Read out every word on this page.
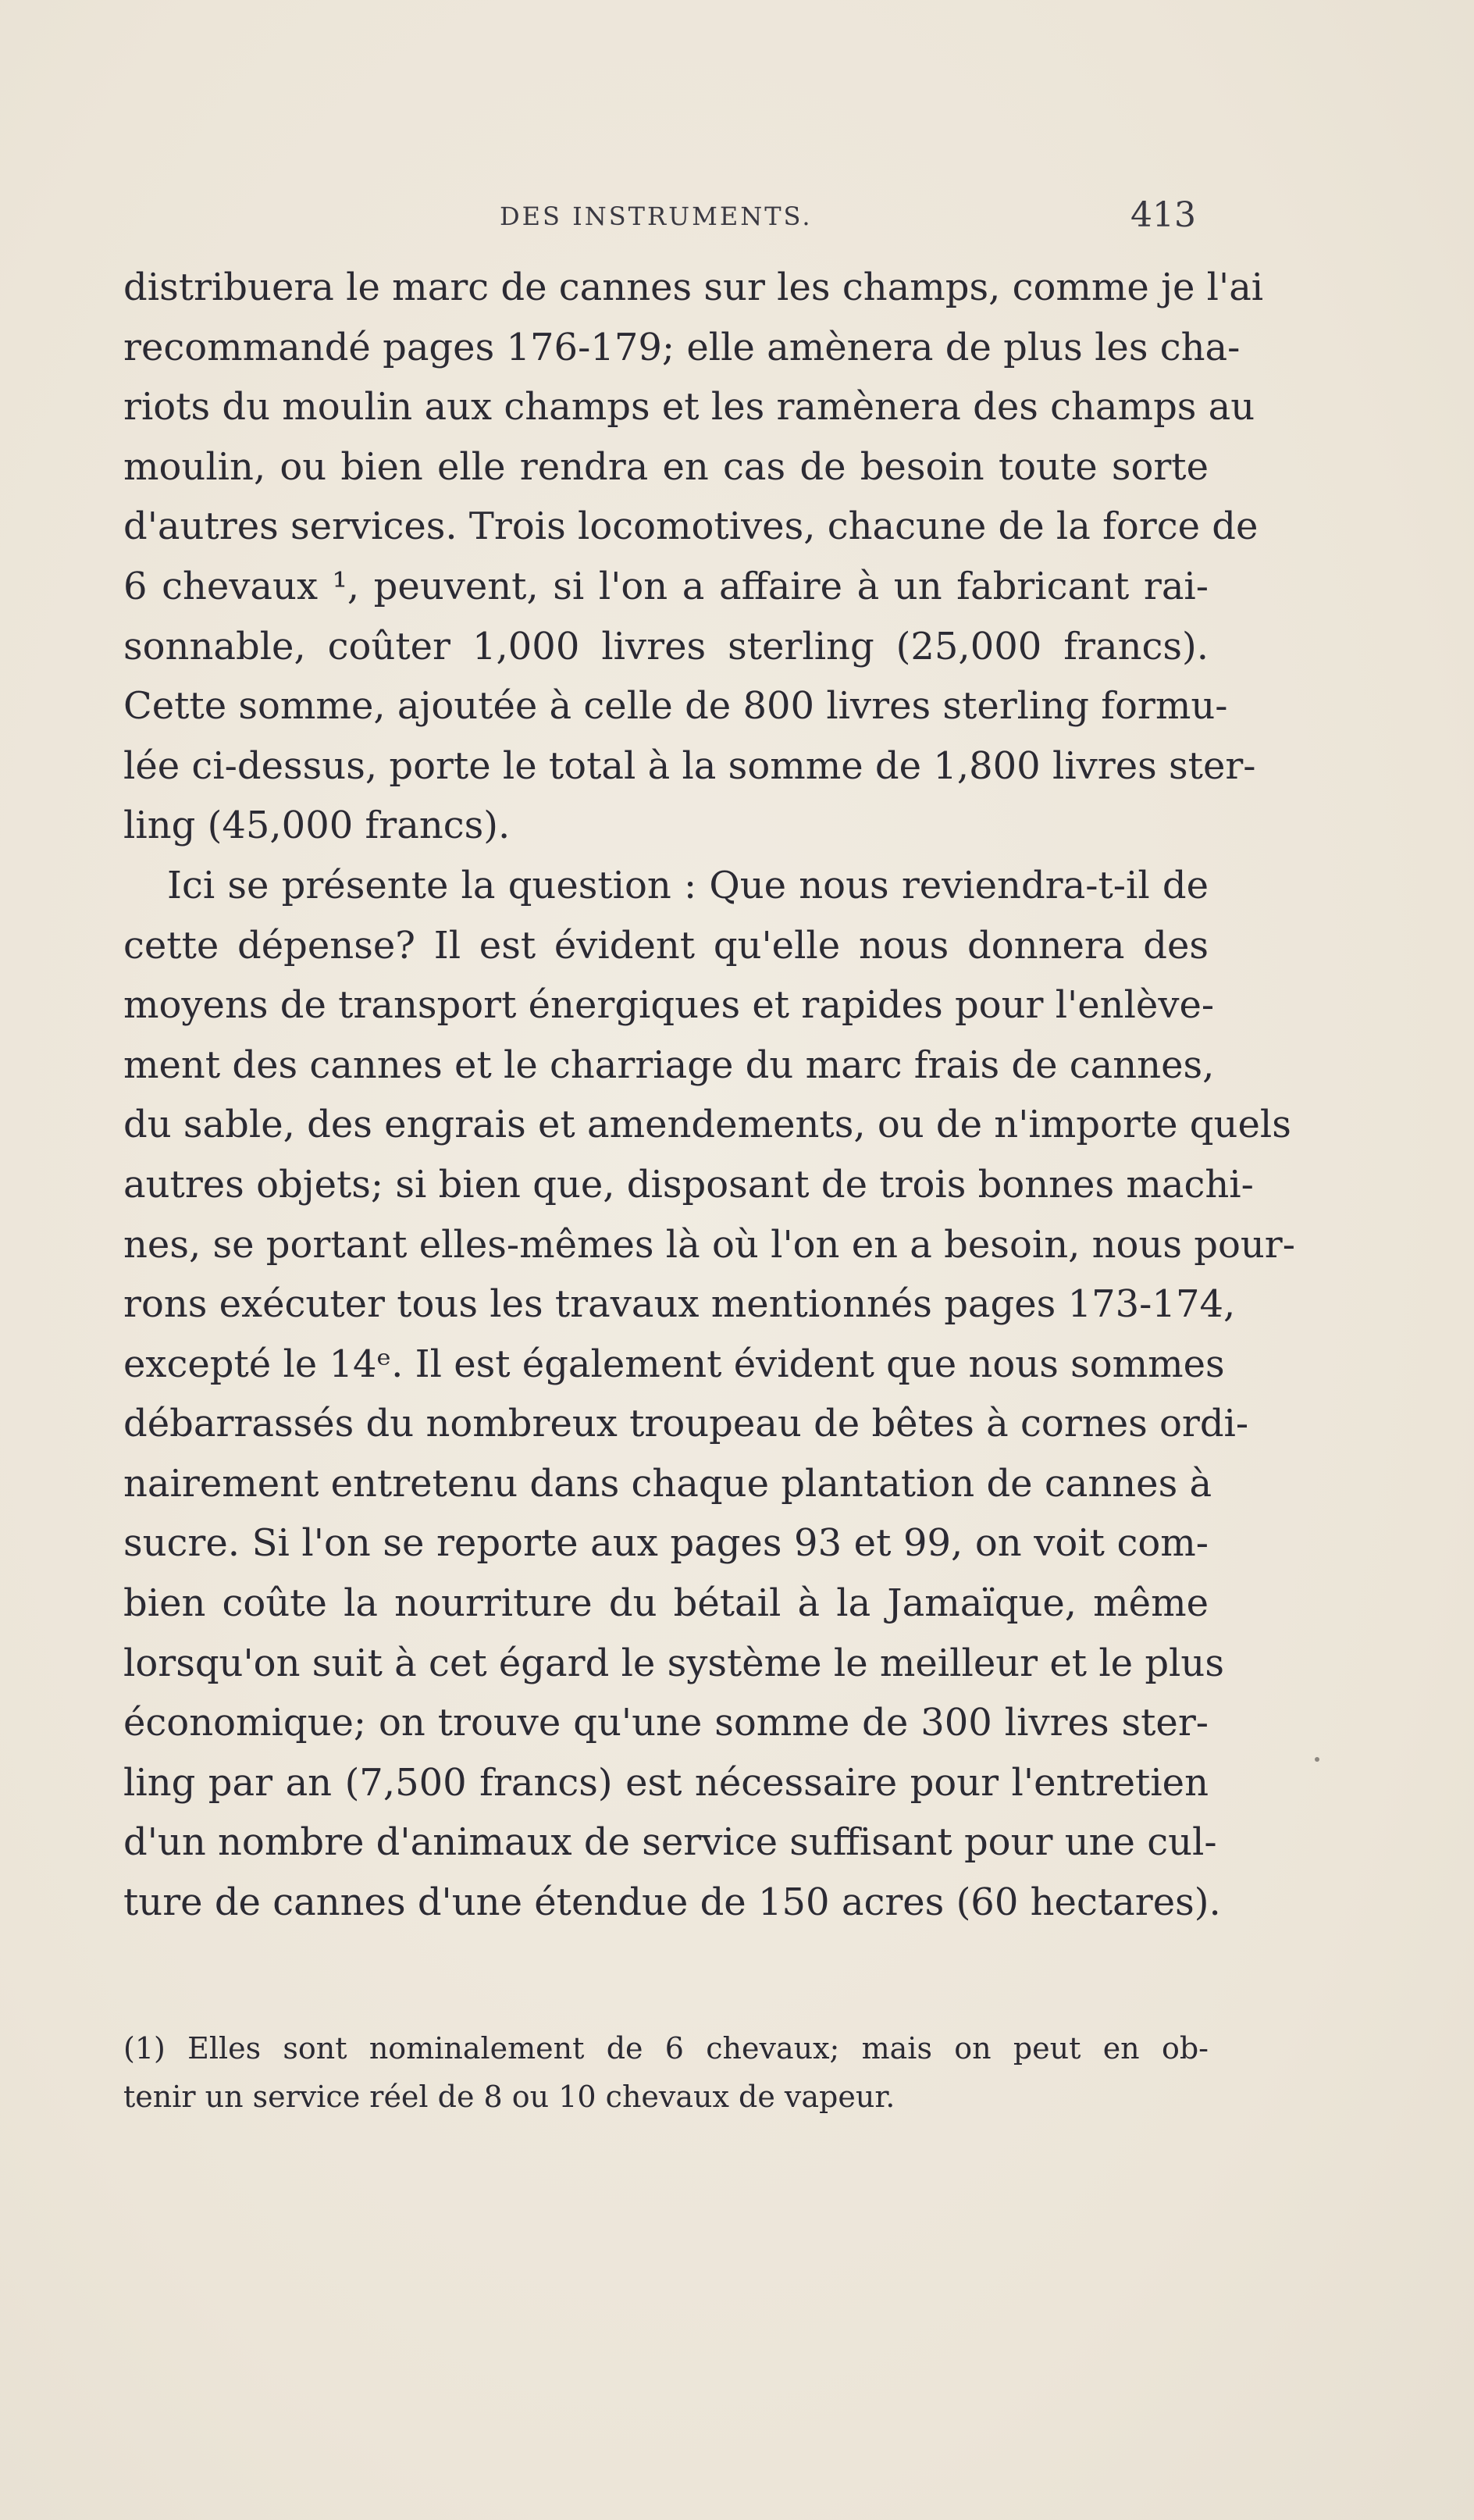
DES INSTRUMENTS.	413
distribuera le marc de cannes sur les champs, comme je l'ai
recommandé pages 176-179; elle amènera de plus les cha-
riots du moulin aux champs et les ramènera des champs au
moulin, ou bien elle rendra en cas de besoin toute sorte
d'autres services. Trois locomotives, chacune de la force de
6 chevaux ¹, peuvent, si l'on a affaire à un fabricant rai-
sonnable, coûter 1,000 livres sterling (25,000 francs).
Cette somme, ajoutée à celle de 800 livres sterling formu-
lée ci-dessus, porte le total à la somme de 1,800 livres ster-
ling (45,000 francs).
Ici se présente la question : Que nous reviendra-t-il de
cette dépense? Il est évident qu'elle nous donnera des
moyens de transport énergiques et rapides pour l'enlève-
ment des cannes et le charriage du marc frais de cannes,
du sable, des engrais et amendements, ou de n'importe quels
autres objets; si bien que, disposant de trois bonnes machi-
nes, se portant elles-mêmes là où l'on en a besoin, nous pour-
rons exécuter tous les travaux mentionnés pages 173-174,
excepté le 14ᵉ. Il est également évident que nous sommes
débarrassés du nombreux troupeau de bêtes à cornes ordi-
nairement entretenu dans chaque plantation de cannes à
sucre. Si l'on se reporte aux pages 93 et 99, on voit com-
bien coûte la nourriture du bétail à la Jamaïque, même
lorsqu'on suit à cet égard le système le meilleur et le plus
économique; on trouve qu'une somme de 300 livres ster-
ling par an (7,500 francs) est nécessaire pour l'entretien
d'un nombre d'animaux de service suffisant pour une cul-
ture de cannes d'une étendue de 150 acres (60 hectares).
(1) Elles sont nominalement de 6 chevaux; mais on peut en ob-
tenir un service réel de 8 ou 10 chevaux de vapeur.
